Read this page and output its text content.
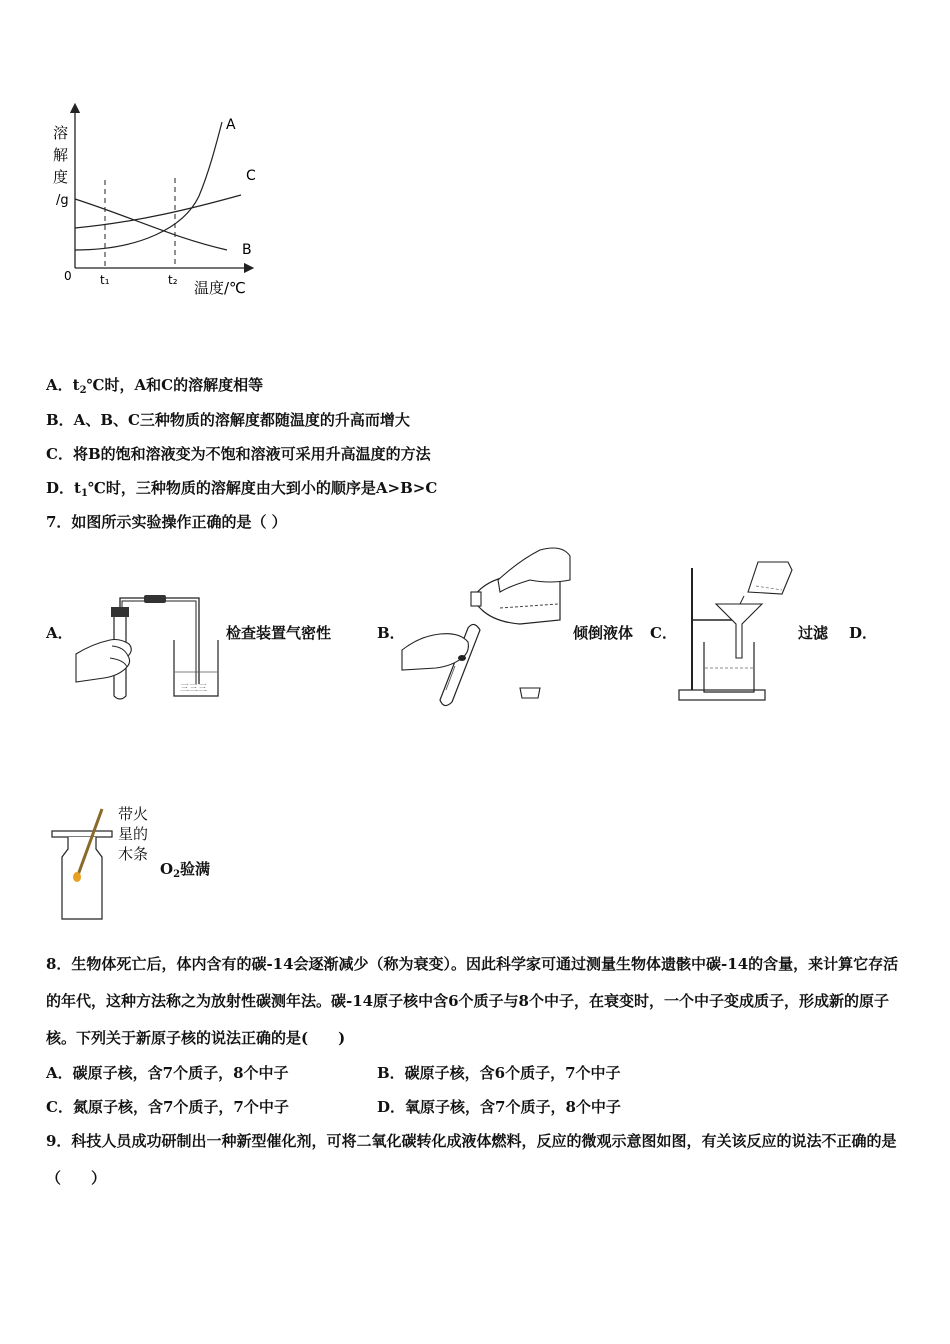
溶
解
度
/g
0 t₁	t₂ 温度/℃
A
C
B
A．$t_2℃$时，A和C的溶解度相等
B．A、B、C三种物质的溶解度都随温度的升高而增大
C．将B的饱和溶液变为不饱和溶液可采用升高温度的方法
D．$t_1℃$时，三种物质的溶解度由大到小的顺序是A>B>C
7．如图所示实验操作正确的是（ ）
A．
三三三
检查装置气密性	B．	倾倒液体 C．	过滤 D．
带火
星的
木条
$O_2$验满
8．生物体死亡后，体内含有的碳-14会逐渐减少（称为衰变）。因此科学家可通过测量生物体遗骸中碳-14的含量，来计算它存活的年代，这种方法称之为放射性碳测年法。碳-14原子核中含6个质子与8个中子，在衰变时，一个中子变成质子，形成新的原子核。下列关于新原子核的说法正确的是(　　)
A．碳原子核，含7个质子，8个中子	B．碳原子核，含6个质子，7个中子
C．氮原子核，含7个质子，7个中子	D．氧原子核，含7个质子，8个中子
9．科技人员成功研制出一种新型催化剂，可将二氧化碳转化成液体燃料，反应的微观示意图如图，有关该反应的说法不正确的是（　　）
